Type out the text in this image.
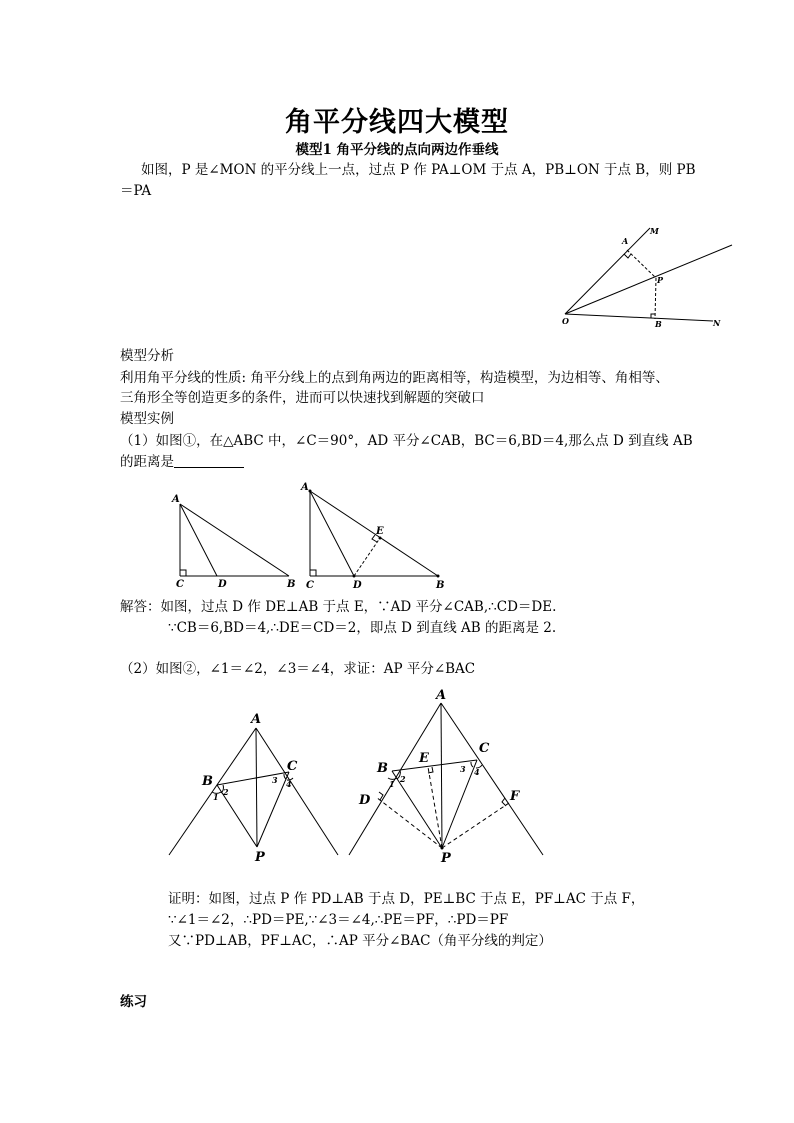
角平分线四大模型
模型1 角平分线的点向两边作垂线
如图，P 是∠MON 的平分线上一点，过点 P 作 PA⊥OM 于点 A，PB⊥ON 于点 B，则 PB
＝PA
A
M
P
O	B	N
模型分析
利用角平分线的性质: 角平分线上的点到角两边的距离相等，构造模型，为边相等、角相等、
三角形全等创造更多的条件，进而可以快速找到解题的突破口
模型实例
（1）如图①，在△ABC 中，∠C＝90°，AD 平分∠CAB，BC＝6,BD＝4,那么点 D 到直线 AB
的距离是
A
C	D	B
A
C	D	B
E
解答：如图，过点 D 作 DE⊥AB 于点 E，∵AD 平分∠CAB,∴CD＝DE.
∵CB＝6,BD＝4,∴DE＝CD＝2，即点 D 到直线 AB 的距离是 2.
（2）如图②，∠1＝∠2，∠3＝∠4，求证：AP 平分∠BAC
A
B
C
P
1 2
3 4
A
B
C
E
D	F
P
1 2
3 4
证明：如图，过点 P 作 PD⊥AB 于点 D，PE⊥BC 于点 E，PF⊥AC 于点 F，
∵∠1＝∠2，∴PD＝PE,∵∠3＝∠4,∴PE＝PF，∴PD＝PF
又∵PD⊥AB，PF⊥AC，∴AP 平分∠BAC（角平分线的判定）
练习
